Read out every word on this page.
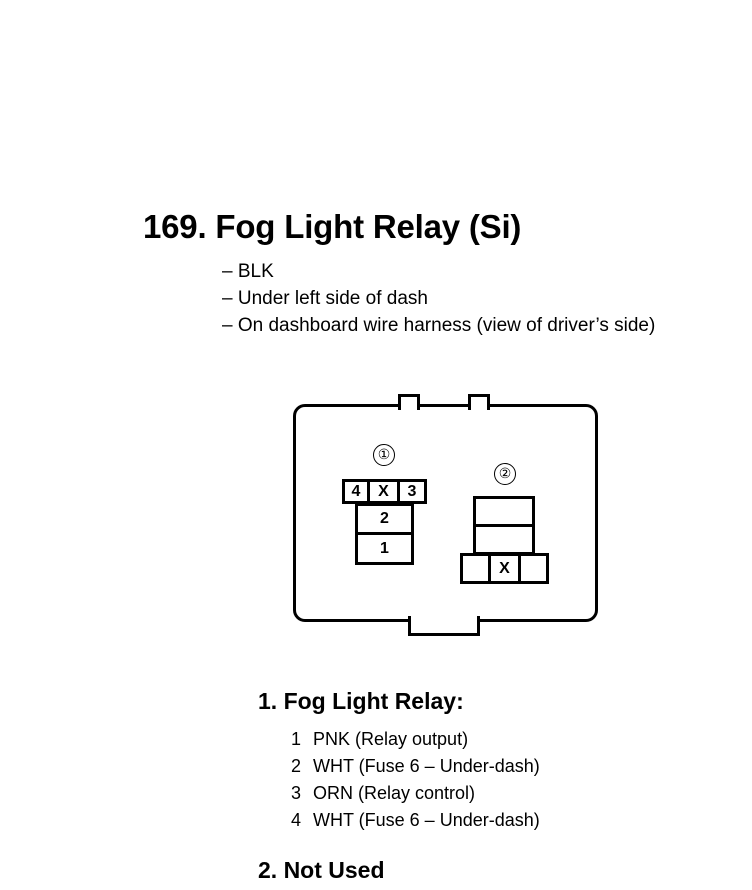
169. Fog Light Relay (Si)
– BLK
– Under left side of dash
– On dashboard wire harness (view of driver’s side)
①
4	X	3
2
1
②
X
1. Fog Light Relay:
1 PNK (Relay output)
2 WHT (Fuse 6 – Under-dash)
3 ORN (Relay control)
4 WHT (Fuse 6 – Under-dash)
2. Not Used
